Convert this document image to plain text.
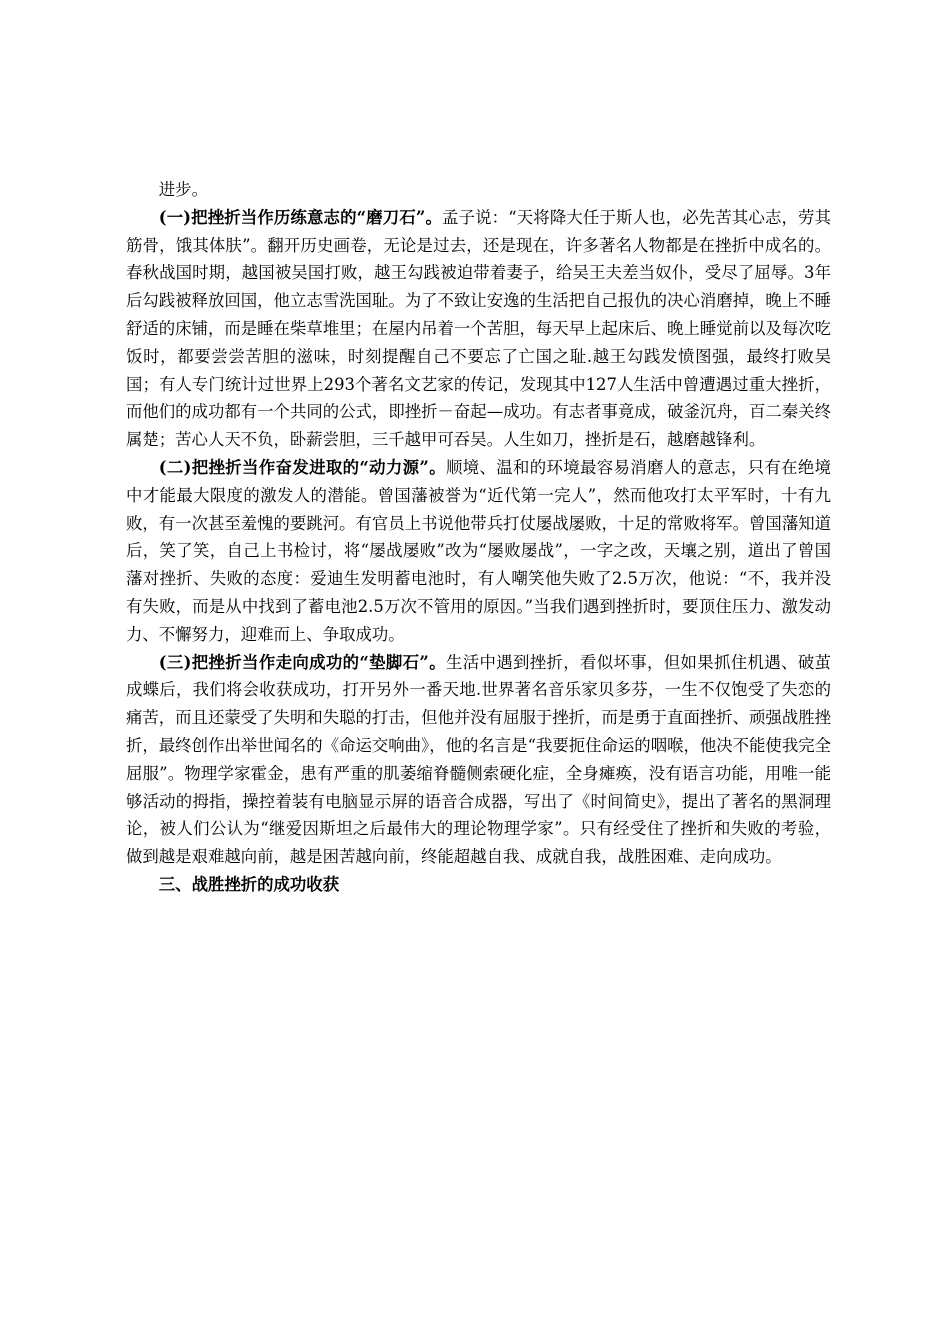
进步。

(一)把挫折当作历练意志的“磨刀石”。孟子说：“天将降大任于斯人也，必先苦其心志，劳其筋骨，饿其体肤”。翻开历史画卷，无论是过去，还是现在，许多著名人物都是在挫折中成名的。春秋战国时期，越国被吴国打败，越王勾践被迫带着妻子，给吴王夫差当奴仆，受尽了屈辱。3年后勾践被释放回国，他立志雪洗国耻。为了不致让安逸的生活把自己报仇的决心消磨掉，晚上不睡舒适的床铺，而是睡在柴草堆里；在屋内吊着一个苦胆，每天早上起床后、晚上睡觉前以及每次吃饭时，都要尝尝苦胆的滋味，时刻提醒自己不要忘了亡国之耻.越王勾践发愤图强，最终打败吴国；有人专门统计过世界上293个著名文艺家的传记，发现其中127人生活中曾遭遇过重大挫折，而他们的成功都有一个共同的公式，即挫折－奋起—成功。有志者事竟成，破釜沉舟，百二秦关终属楚；苦心人天不负，卧薪尝胆，三千越甲可吞吴。人生如刀，挫折是石，越磨越锋利。

(二)把挫折当作奋发进取的“动力源”。顺境、温和的环境最容易消磨人的意志，只有在绝境中才能最大限度的激发人的潜能。曾国藩被誉为“近代第一完人”，然而他攻打太平军时，十有九败，有一次甚至羞愧的要跳河。有官员上书说他带兵打仗屡战屡败，十足的常败将军。曾国藩知道后，笑了笑，自己上书检讨，将“屡战屡败”改为“屡败屡战”，一字之改，天壤之别，道出了曾国藩对挫折、失败的态度：爱迪生发明蓄电池时，有人嘲笑他失败了2.5万次，他说：“不，我并没有失败，而是从中找到了蓄电池2.5万次不管用的原因。”当我们遇到挫折时，要顶住压力、激发动力、不懈努力，迎难而上、争取成功。

(三)把挫折当作走向成功的“垫脚石”。生活中遇到挫折，看似坏事，但如果抓住机遇、破茧成蝶后，我们将会收获成功，打开另外一番天地.世界著名音乐家贝多芬，一生不仅饱受了失恋的痛苦，而且还蒙受了失明和失聪的打击，但他并没有屈服于挫折，而是勇于直面挫折、顽强战胜挫折，最终创作出举世闻名的《命运交响曲》，他的名言是“我要扼住命运的咽喉，他决不能使我完全屈服”。物理学家霍金，患有严重的肌萎缩脊髓侧索硬化症，全身瘫痪，没有语言功能，用唯一能够活动的拇指，操控着装有电脑显示屏的语音合成器，写出了《时间简史》，提出了著名的黑洞理论，被人们公认为“继爱因斯坦之后最伟大的理论物理学家”。只有经受住了挫折和失败的考验，做到越是艰难越向前，越是困苦越向前，终能超越自我、成就自我，战胜困难、走向成功。

三、战胜挫折的成功收获
